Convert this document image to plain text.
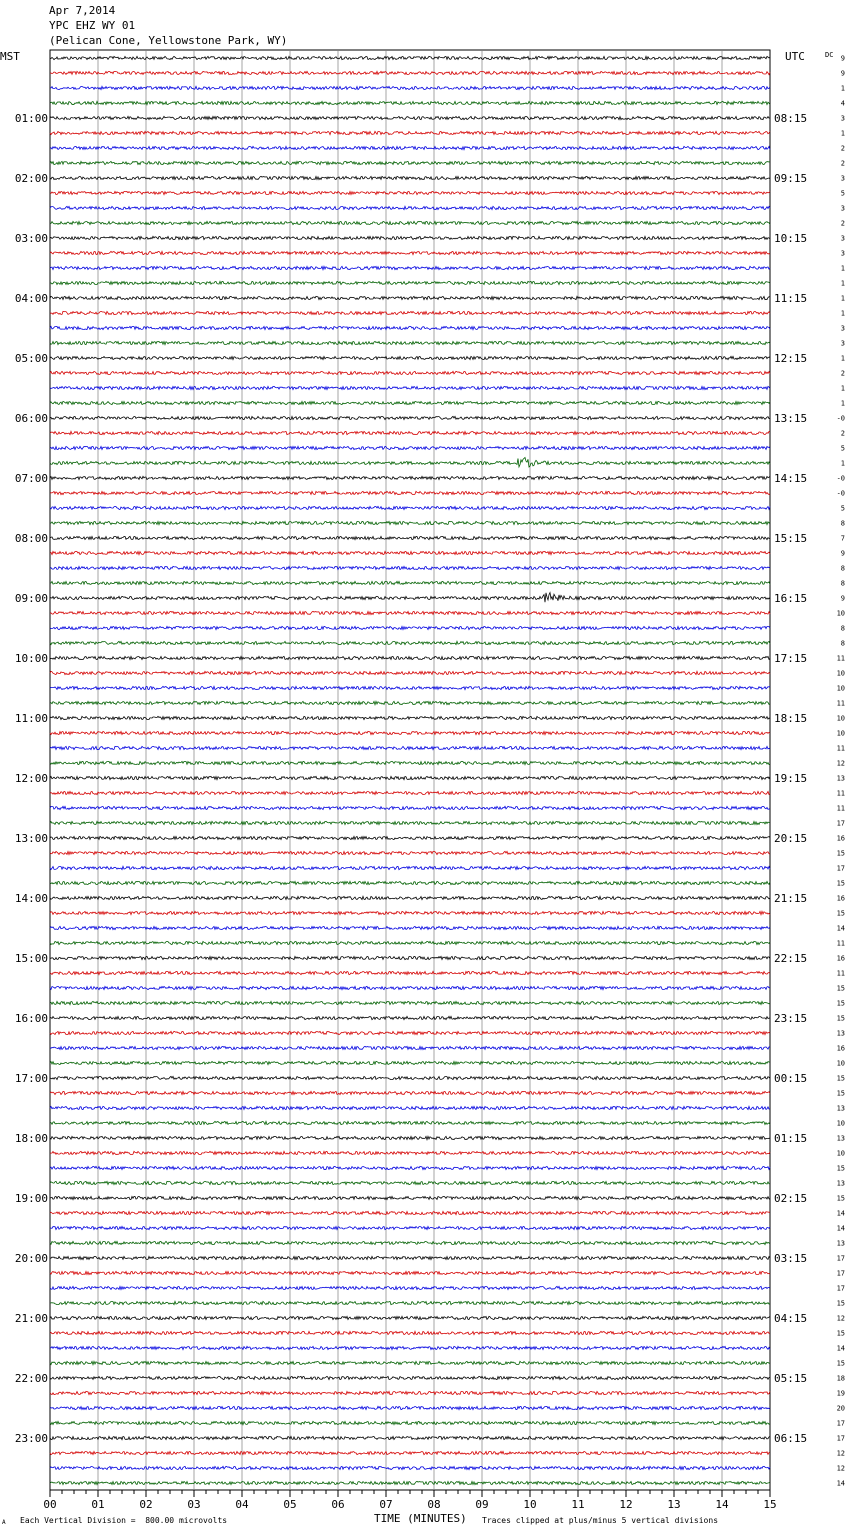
Apr 7,2014
YPC EHZ WY 01
(Pelican Cone, Yellowstone Park, WY)
MST	UTC	DC 9
9
1
4
3
1
2
2
3
5
3
2
3
3
1
1
1
1
3
3
1
2
1
1
-0
2
5
1
-0
-0
5
8
7
9
8
8
9
10
8
8
11
10
10
11
10
10
11
12
13
11
11
17
16
15
17
15
16
15
14
11
16
11
15
15
15
13
16
10
15
15
13
10
13
10
15
13
15
14
14
13
17
17
17
15
12
15
14
15
18
19
20
17
17
12
12
14
01:00
02:00
03:00
04:00
05:00
06:00
07:00
08:00
09:00
10:00
11:00
12:00
13:00
14:00
15:00
16:00
17:00
18:00
19:00
20:00
21:00
22:00
23:00
08:15
09:15
10:15
11:15
12:15
13:15
14:15
15:15
16:15
17:15
18:15
19:15
20:15
21:15
22:15
23:15
00:15
01:15
02:15
03:15
04:15
05:15
06:15
00	01	02	03	04	05	06	07	08	09	10	11	12	13	14	15
A Each Vertical Division =  800.00 microvolts	TIME (MINUTES) Traces clipped at plus/minus 5 vertical divisions
